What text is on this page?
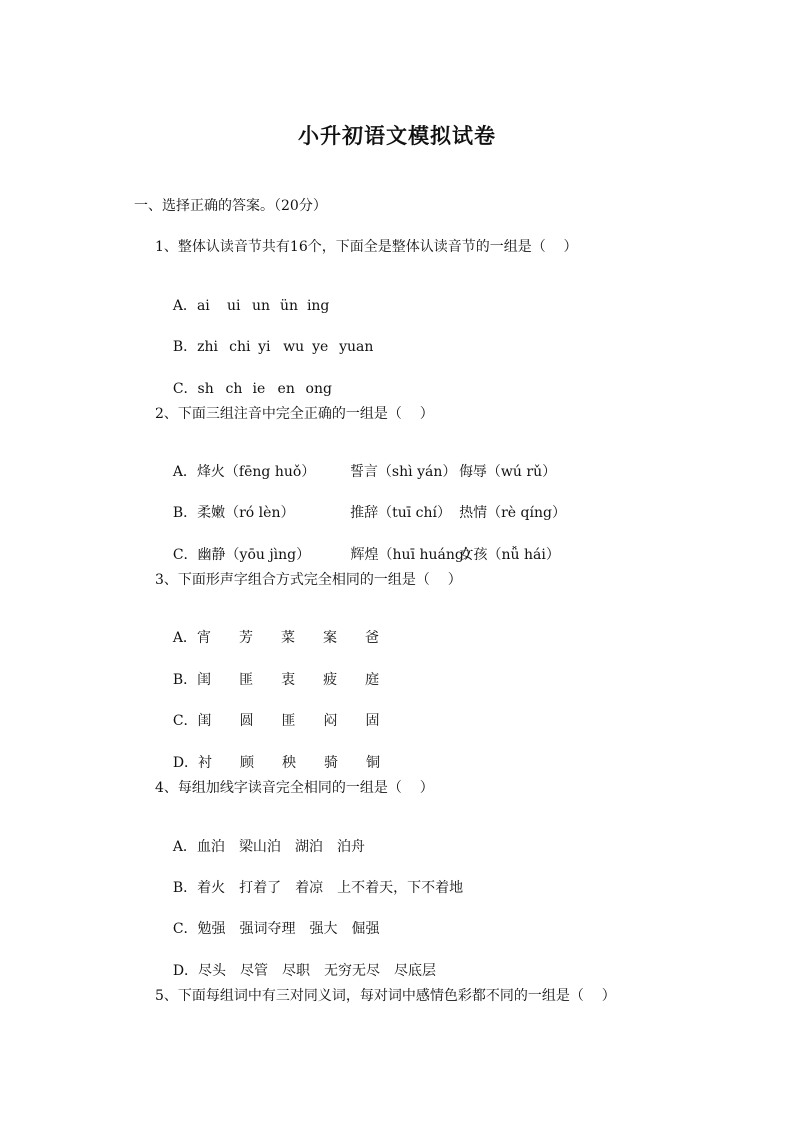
小升初语文模拟试卷

一、选择正确的答案。（20分）

1、整体认读音节共有16个，下面全是整体认读音节的一组是（    ）

A．ai ui un ün ing

B．zhi chi yi wu ye yuan

C．sh ch ie en ong

2、下面三组注音中完全正确的一组是（    ）

A．烽火（fēng huǒ） 誓言（shì yán） 侮辱（wú rǔ）

B．柔嫩（ró lèn）	推辞（tuī chí） 热情（rè qíng）

C．幽静（yōu jìng）	辉煌（huī huáng）女孩（nǚ hái）

3、下面形声字组合方式完全相同的一组是（    ）

A．宵 芳 菜 案 爸

B．闺 匪 衷 疲 庭

C．闺 圆 匪 闷 固

D．衬 顾 秧 骑 铜

4、每组加线字读音完全相同的一组是（    ）

A．血泊 梁山泊 湖泊 泊舟

B．着火 打着了 着凉 上不着天，下不着地

C．勉强 强词夺理 强大 倔强

D．尽头 尽管 尽职 无穷无尽 尽底层

5、下面每组词中有三对同义词，每对词中感情色彩都不同的一组是（    ）
